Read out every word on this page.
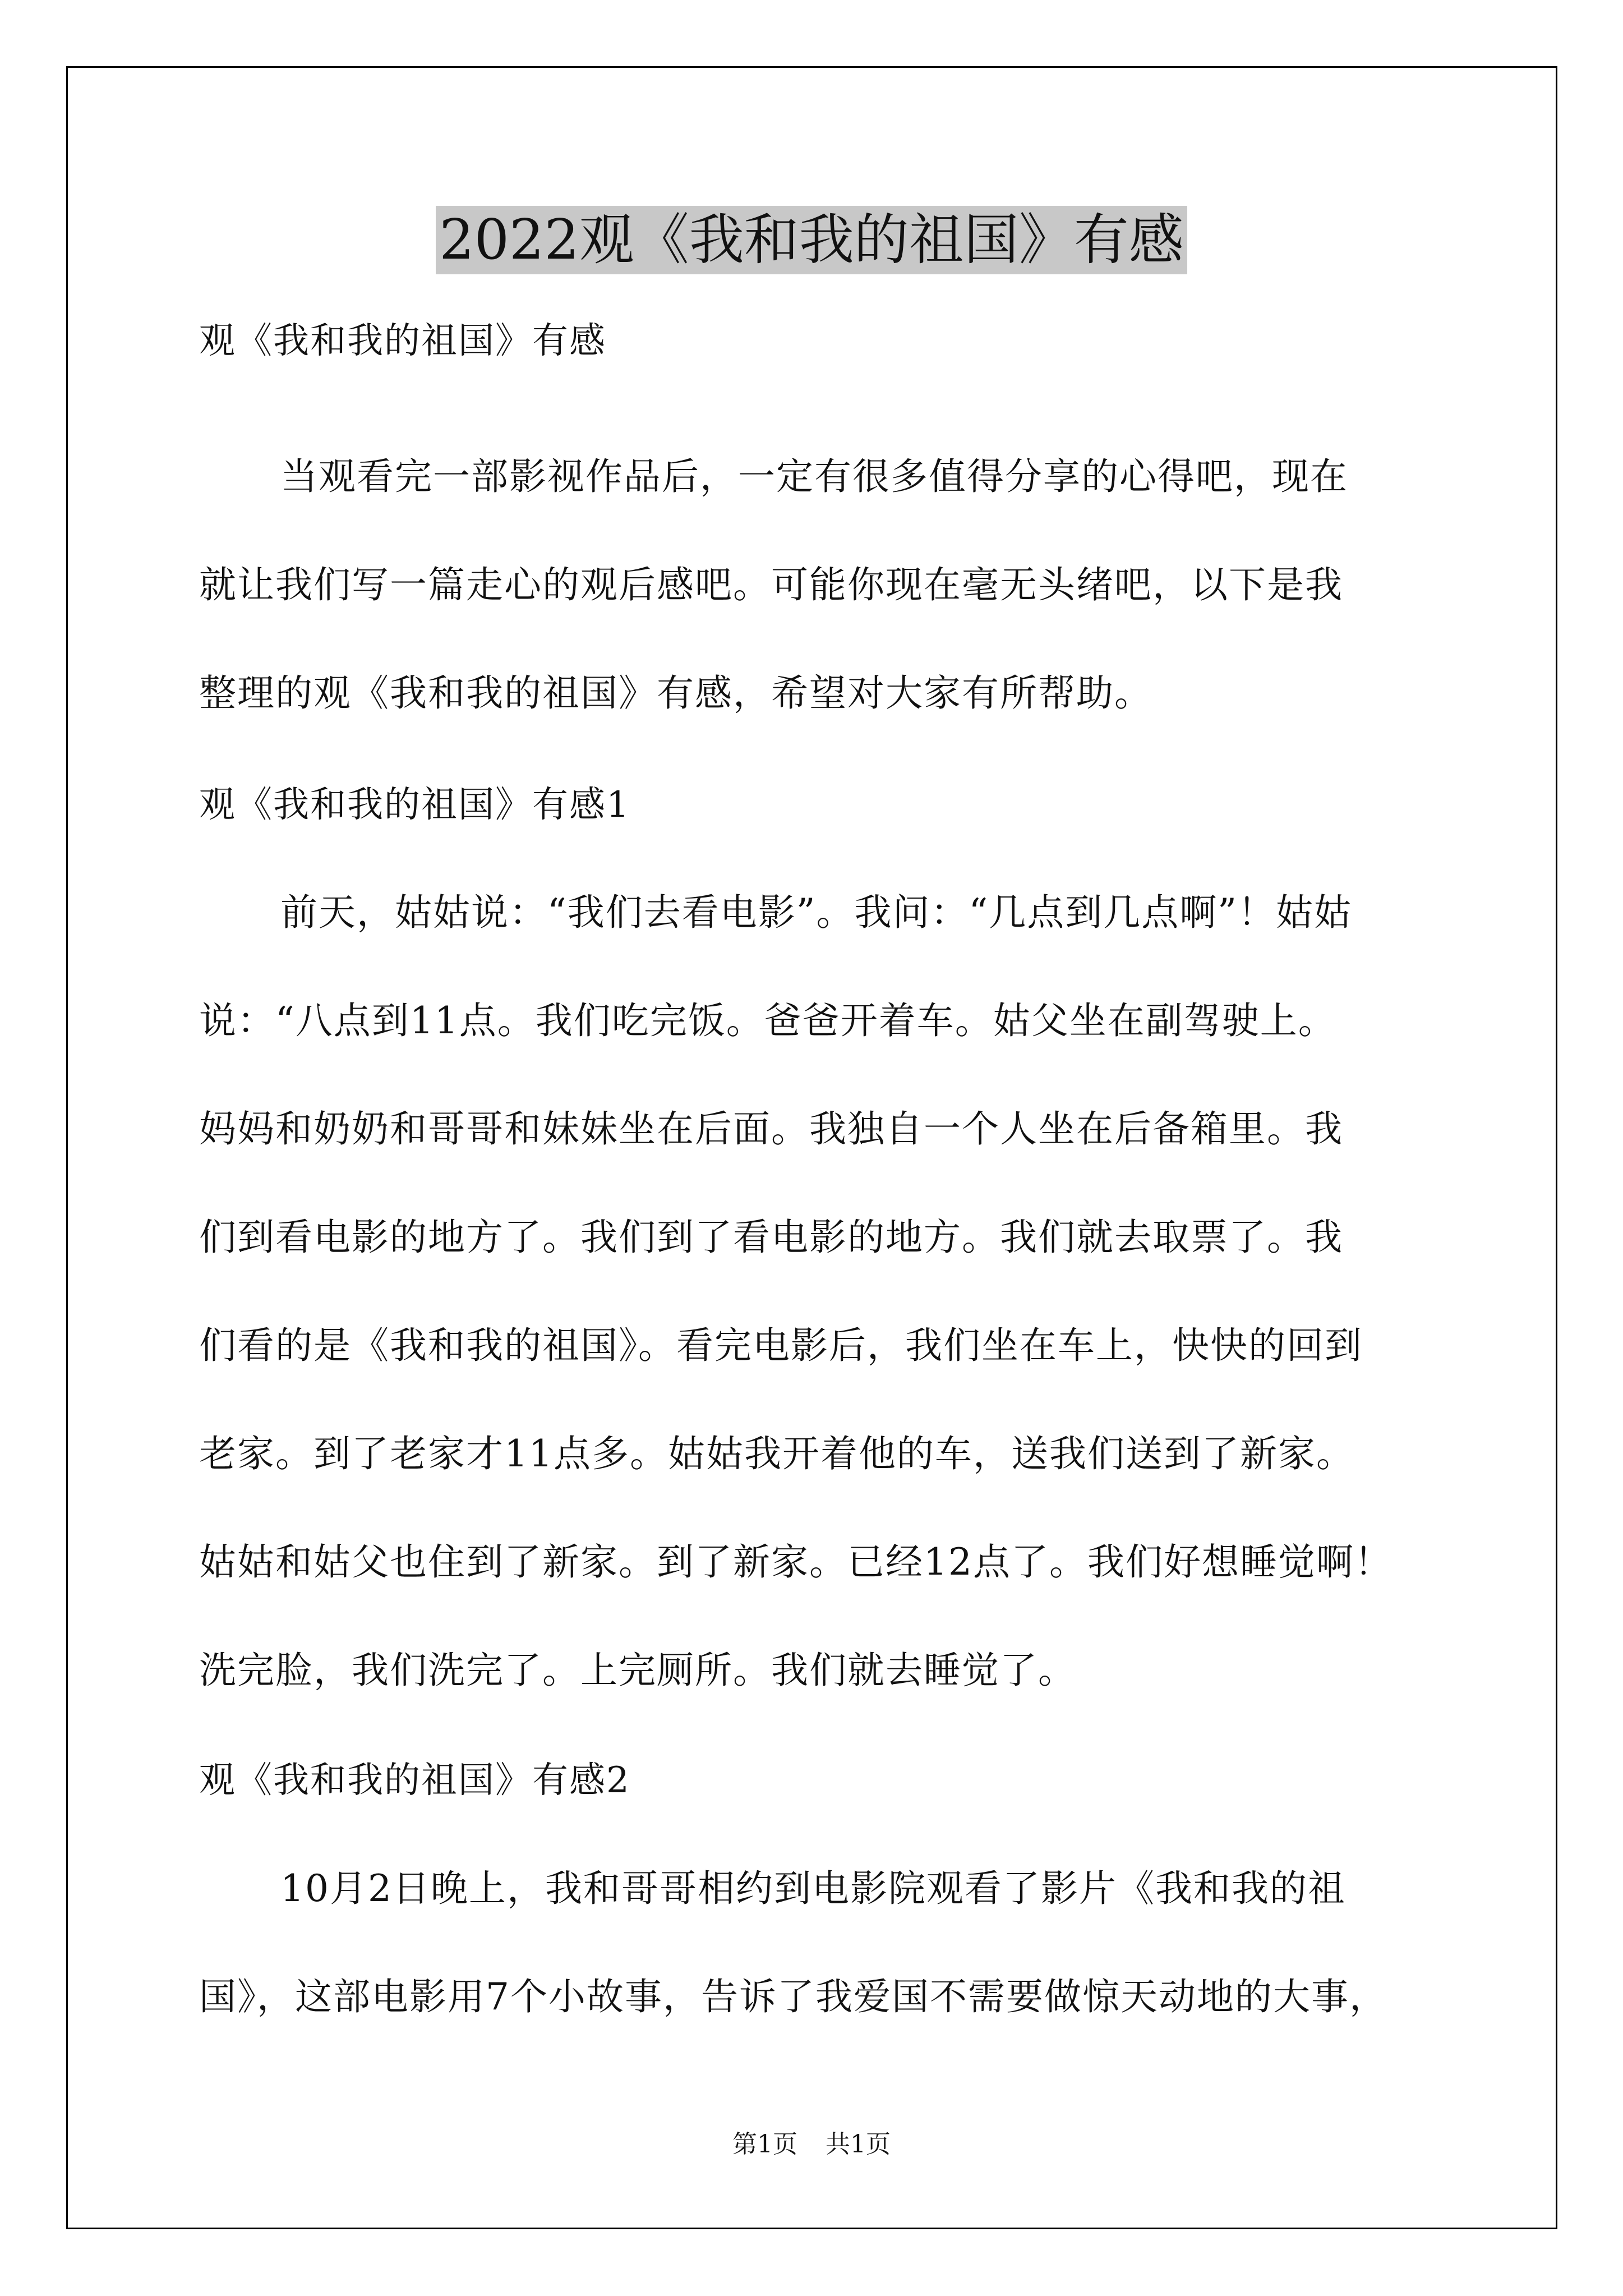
2022观《我和我的祖国》有感
观《我和我的祖国》有感
当观看完一部影视作品后，一定有很多值得分享的心得吧，现在
就让我们写一篇走心的观后感吧。可能你现在毫无头绪吧，以下是我
整理的观《我和我的祖国》有感，希望对大家有所帮助。
观《我和我的祖国》有感1
前天，姑姑说：“我们去看电影”。我问：“几点到几点啊”！姑姑
说：“八点到11点。我们吃完饭。爸爸开着车。姑父坐在副驾驶上。
妈妈和奶奶和哥哥和妹妹坐在后面。我独自一个人坐在后备箱里。我
们到看电影的地方了。我们到了看电影的地方。我们就去取票了。我
们看的是《我和我的祖国》。看完电影后，我们坐在车上，快快的回到
老家。到了老家才11点多。姑姑我开着他的车，送我们送到了新家。
姑姑和姑父也住到了新家。到了新家。已经12点了。我们好想睡觉啊！
洗完脸，我们洗完了。上完厕所。我们就去睡觉了。
观《我和我的祖国》有感2
10月2日晚上，我和哥哥相约到电影院观看了影片《我和我的祖
国》，这部电影用7个小故事，告诉了我爱国不需要做惊天动地的大事，
第1页 共1页
